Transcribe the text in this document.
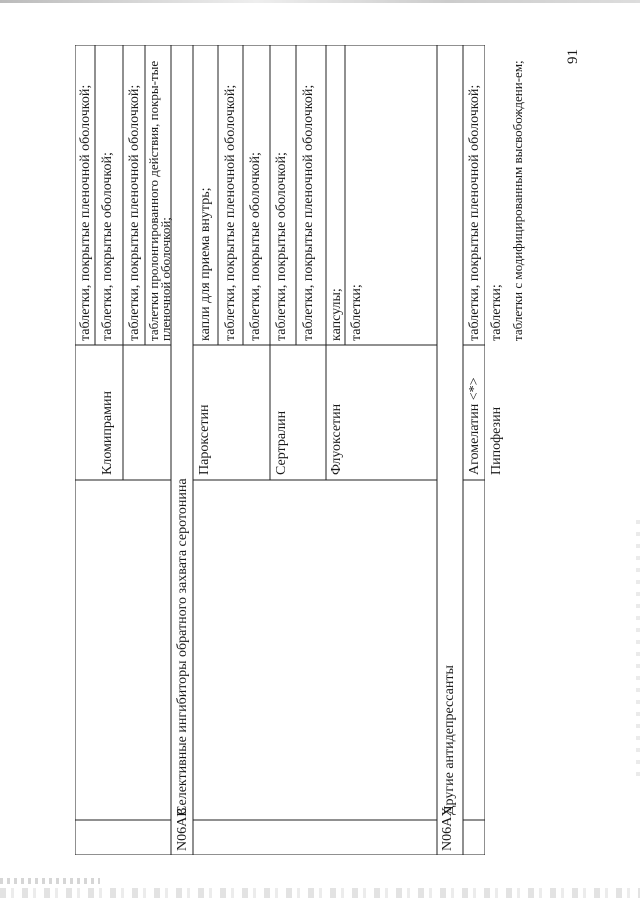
таблетки, покрытые пленочной оболочкой;
Кломипрамин
таблетки, покрытые оболочкой; таблетки, покрытые пленочной оболочкой; таблетки пролонгированного действия, покры-тые пленочной оболочкой;
N06AB
Селективные ингибиторы обратного захвата серотонина
Пароксетин
капли для приема внутрь; таблетки, покрытые пленочной оболочкой; таблетки, покрытые оболочкой;
Сертралин
таблетки, покрытые оболочкой; таблетки, покрытые пленочной оболочкой;
Флуоксетин
капсулы; таблетки;
N06AX
Другие антидепрессанты
Агомелатин <*>
таблетки, покрытые пленочной оболочкой;
Пипофезин
таблетки; таблетки с модифицированным высвобождени-ем;
91
